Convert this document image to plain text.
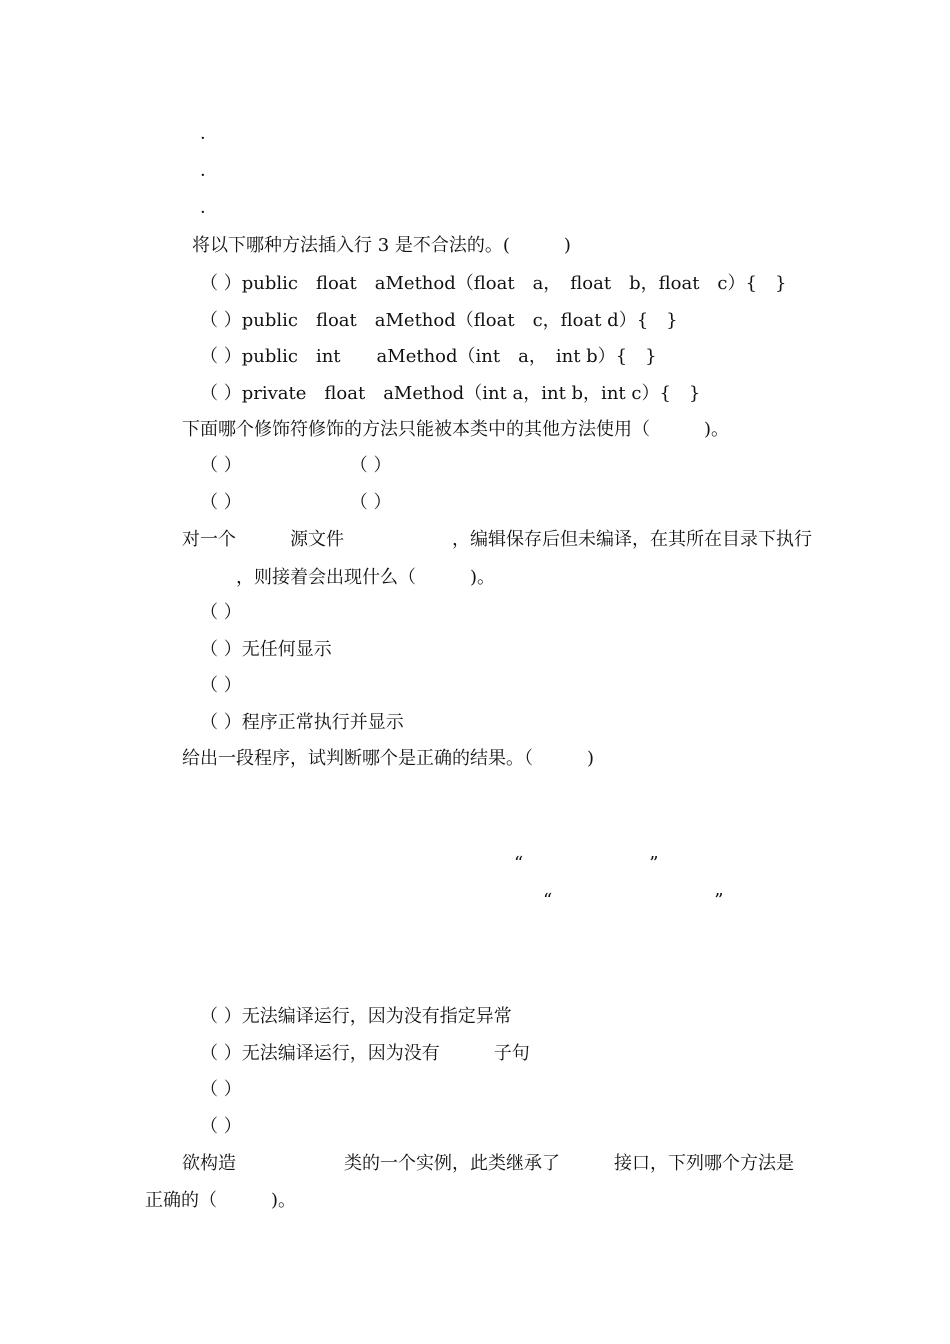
·
·
·
将以下哪种方法插入行 3 是不合法的。(　　　)
（ ）public　float　aMethod（float　a，　float　b，float　c）{　}
（ ）public　float　aMethod（float　c，float d）{　}
（ ）public　int　　aMethod（int　a，　int b）{　}
（ ）private　float　aMethod（int a，int b，int c）{　}
下面哪个修饰符修饰的方法只能被本类中的其他方法使用（　　　)。
（ ）　　　　　　　（ ）
（ ）　　　　　　　（ ）
对一个　　　源文件　　　　　　，编辑保存后但未编译，在其所在目录下执行
　　，则接着会出现什么（　　　)。
（ ）
（ ）无任何显示
（ ）
（ ）程序正常执行并显示
给出一段程序，试判断哪个是正确的结果。（　　　)
“　　　　　　　”
“　　　　　　　　　”
（ ）无法编译运行，因为没有指定异常
（ ）无法编译运行，因为没有　　　子句
（ ）
（ ）
欲构造　　　　　　类的一个实例，此类继承了　　　接口，下列哪个方法是
正确的（　　　)。
